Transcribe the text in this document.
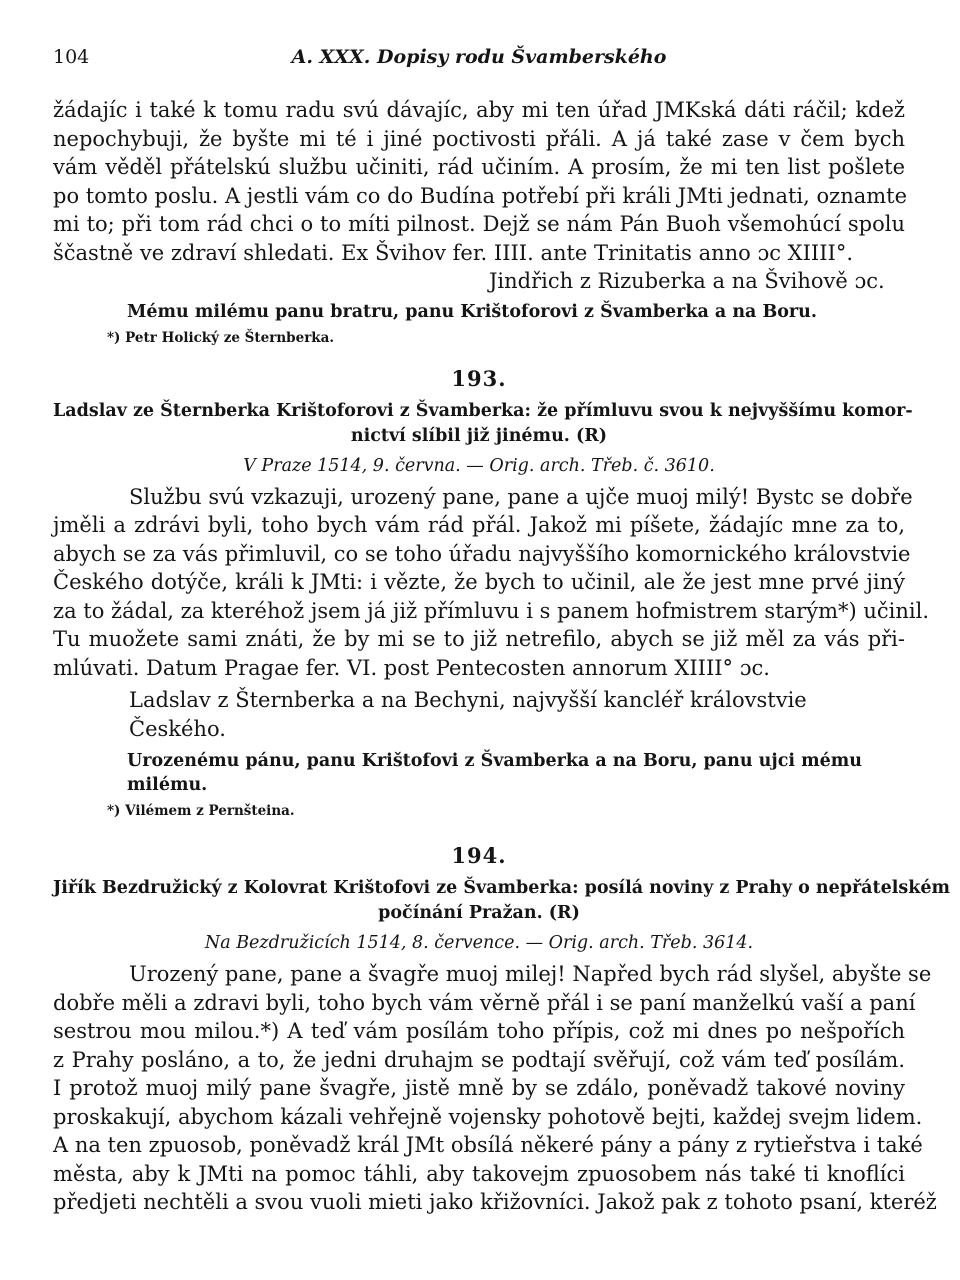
104	A. XXX. Dopisy rodu Švamberského
žádajíc i také k tomu radu svú dávajíc, aby mi ten úřad JMKská dáti ráčil; kdež
nepochybuji, že byšte mi té i jiné poctivosti přáli. A já také zase v čem bych
vám věděl přátelskú službu učiniti, rád učiním. A prosím, že mi ten list pošlete
po tomto poslu. A jestli vám co do Budína potřebí při králi JMti jednati, oznamte
mi to; při tom rád chci o to míti pilnost. Dejž se nám Pán Buoh všemohúcí spolu
ščastně ve zdraví shledati. Ex Švihov fer. IIII. ante Trinitatis anno ɔc XIIII°.
Jindřich z Rizuberka a na Švihově ɔc.
Mému milému panu bratru, panu Krištoforovi z Švamberka a na Boru.
*) Petr Holický ze Šternberka.
193.
Ladslav ze Šternberka Krištoforovi z Švamberka: že přímluvu svou k nejvyššímu komor-
nictví slíbil již jinému. (R)
V Praze 1514, 9. června. — Orig. arch. Třeb. č. 3610.
Službu svú vzkazuji, urozený pane, pane a ujče muoj milý! Bystc se dobře
jměli a zdrávi byli, toho bych vám rád přál. Jakož mi píšete, žádajíc mne za to,
abych se za vás přimluvil, co se toho úřadu najvyššího komornického královstvie
Českého dotýče, králi k JMti: i vězte, že bych to učinil, ale že jest mne prvé jiný
za to žádal, za kteréhož jsem já již přímluvu i s panem hofmistrem starým*) učinil.
Tu muožete sami znáti, že by mi se to již netrefilo, abych se již měl za vás při-
mlúvati. Datum Pragae fer. VI. post Pentecosten annorum XIIII° ɔc.
Ladslav z Šternberka a na Bechyni, najvyšší kancléř královstvie Českého.
Urozenému pánu, panu Krištofovi z Švamberka a na Boru, panu ujci mému milému.
*) Vilémem z Pernšteina.
194.
Jiřík Bezdružický z Kolovrat Krištofovi ze Švamberka: posílá noviny z Prahy o nepřátelském
počínání Pražan. (R)
Na Bezdružicích 1514, 8. července. — Orig. arch. Třeb. 3614.
Urozený pane, pane a švagře muoj milej! Napřed bych rád slyšel, abyšte se
dobře měli a zdravi byli, toho bych vám věrně přál i se paní manželkú vaší a paní
sestrou mou milou.*) A teď vám posílám toho přípis, což mi dnes po nešpořích
z Prahy posláno, a to, že jedni druhajm se podtají svěřují, což vám teď posílám.
I protož muoj milý pane švagře, jistě mně by se zdálo, poněvadž takové noviny
proskakují, abychom kázali vehřejně vojensky pohotově bejti, každej svejm lidem.
A na ten zpuosob, poněvadž král JMt obsílá někeré pány a pány z rytieřstva i také
města, aby k JMti na pomoc táhli, aby takovejm zpuosobem nás také ti knoflíci
předjeti nechtěli a svou vuoli mieti jako křižovníci. Jakož pak z tohoto psaní, kteréž
